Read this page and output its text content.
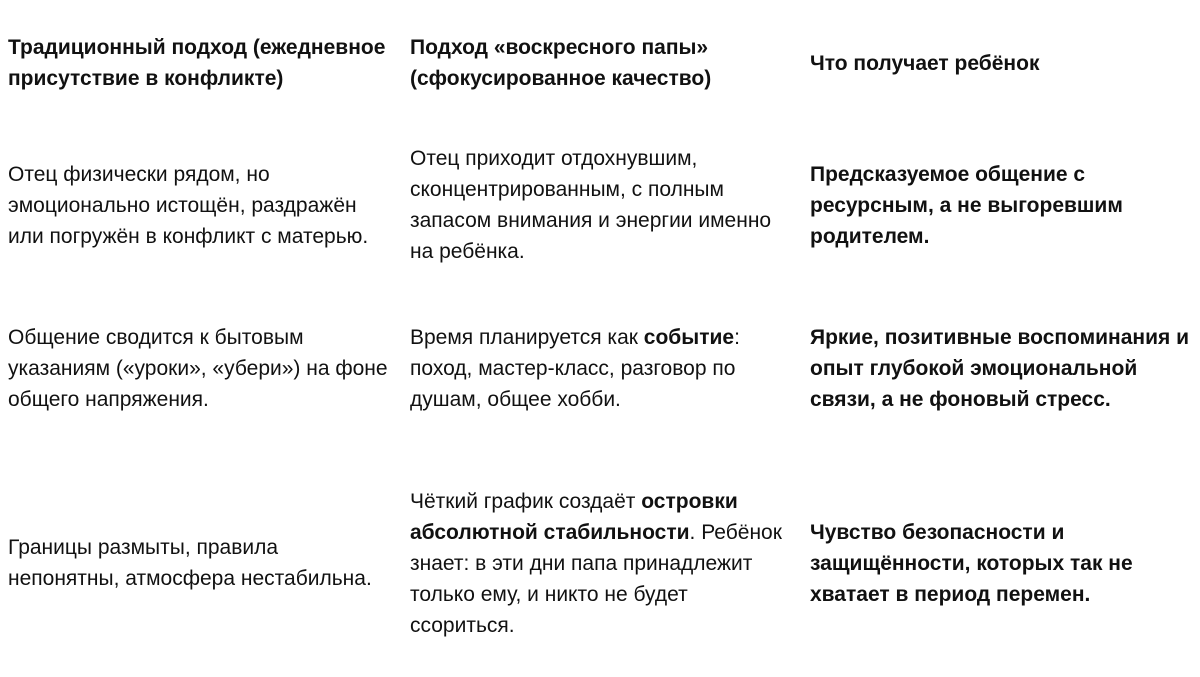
Традиционный подход (ежедневное присутствие в конфликте)

Подход «воскресного папы» (сфокусированное качество)

Что получает ребёнок

Отец физически рядом, но эмоционально истощён, раздражён или погружён в конфликт с матерью.

Отец приходит отдохнувшим, сконцентрированным, с полным запасом внимания и энергии именно на ребёнка.

Предсказуемое общение с ресурсным, а не выгоревшим родителем.

Общение сводится к бытовым указаниям («уроки», «убери») на фоне общего напряжения.

Время планируется как событие: поход, мастер-класс, разговор по душам, общее хобби.

Яркие, позитивные воспоминания и опыт глубокой эмоциональной связи, а не фоновый стресс.

Границы размыты, правила непонятны, атмосфера нестабильна.

Чёткий график создаёт островки абсолютной стабильности. Ребёнок знает: в эти дни папа принадлежит только ему, и никто не будет ссориться.

Чувство безопасности и защищённости, которых так не хватает в период перемен.
